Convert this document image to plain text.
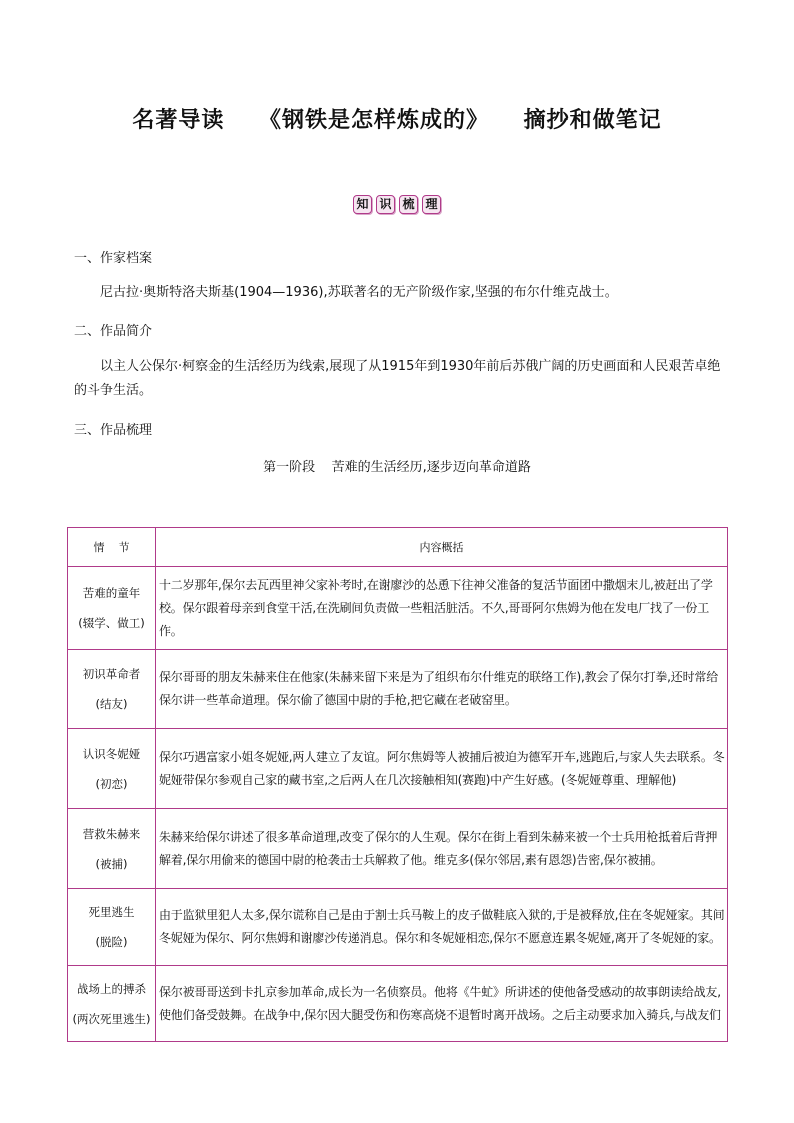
名著导读    《钢铁是怎样炼成的》    摘抄和做笔记
知 识 梳 理
一、作家档案
尼古拉·奥斯特洛夫斯基(1904—1936),苏联著名的无产阶级作家,坚强的布尔什维克战士。
二、作品简介
以主人公保尔·柯察金的生活经历为线索,展现了从1915年到1930年前后苏俄广阔的历史画面和人民艰苦卓绝的斗争生活。
三、作品梳理
第一阶段    苦难的生活经历,逐步迈向革命道路
情    节	内容概括
苦难的童年
(辍学、做工)	十二岁那年,保尔去瓦西里神父家补考时,在谢廖沙的怂恿下往神父准备的复活节面团中撒烟末儿,被赶出了学校。保尔跟着母亲到食堂干活,在洗刷间负责做一些粗活脏活。不久,哥哥阿尔焦姆为他在发电厂找了一份工作。
初识革命者
(结友)	保尔哥哥的朋友朱赫来住在他家(朱赫来留下来是为了组织布尔什维克的联络工作),教会了保尔打拳,还时常给保尔讲一些革命道理。保尔偷了德国中尉的手枪,把它藏在老破窑里。
认识冬妮娅
(初恋)	保尔巧遇富家小姐冬妮娅,两人建立了友谊。阿尔焦姆等人被捕后被迫为德军开车,逃跑后,与家人失去联系。冬妮娅带保尔参观自己家的藏书室,之后两人在几次接触相知(赛跑)中产生好感。(冬妮娅尊重、理解他)
营救朱赫来
(被捕)	朱赫来给保尔讲述了很多革命道理,改变了保尔的人生观。保尔在街上看到朱赫来被一个士兵用枪抵着后背押解着,保尔用偷来的德国中尉的枪袭击士兵解救了他。维克多(保尔邻居,素有恩怨)告密,保尔被捕。
死里逃生
(脱险)	由于监狱里犯人太多,保尔谎称自己是由于割士兵马鞍上的皮子做鞋底入狱的,于是被释放,住在冬妮娅家。其间冬妮娅为保尔、阿尔焦姆和谢廖沙传递消息。保尔和冬妮娅相恋,保尔不愿意连累冬妮娅,离开了冬妮娅的家。
战场上的搏杀
(两次死里逃生)	保尔被哥哥送到卡扎京参加革命,成长为一名侦察员。他将《牛虻》所讲述的使他备受感动的故事朗读给战友,使他们备受鼓舞。在战争中,保尔因大腿受伤和伤寒高烧不退暂时离开战场。之后主动要求加入骑兵,与战友们
